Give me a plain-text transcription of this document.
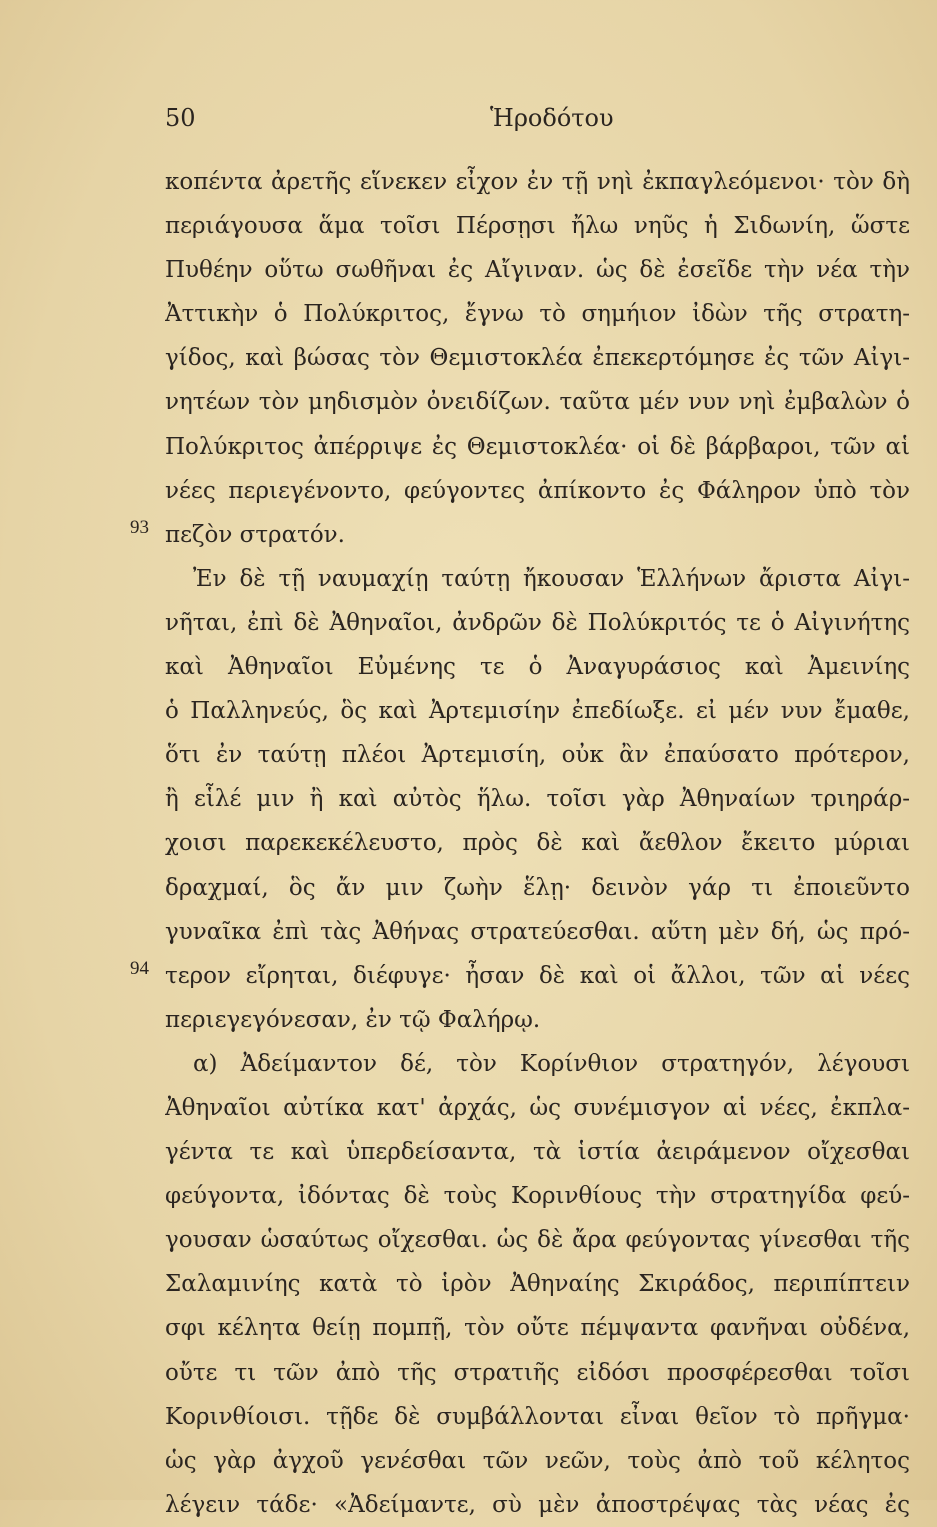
50	Ἡροδότου
93
94
κοπέντα ἀρετῆς εἵνεκεν εἶχον ἐν τῇ νηὶ ἐκπαγλεόμενοι· τὸν δὴ
περιάγουσα ἅμα τοῖσι Πέρσῃσι ἤλω νηῦς ἡ Σιδωνίη, ὥστε
Πυθέην οὕτω σωθῆναι ἐς Αἴγιναν. ὡς δὲ ἐσεῖδε τὴν νέα τὴν
Ἀττικὴν ὁ Πολύκριτος, ἔγνω τὸ σημήιον ἰδὼν τῆς στρατη-
γίδος, καὶ βώσας τὸν Θεμιστοκλέα ἐπεκερτόμησε ἐς τῶν Αἰγι-
νητέων τὸν μηδισμὸν ὀνειδίζων. ταῦτα μέν νυν νηὶ ἐμβαλὼν ὁ
Πολύκριτος ἀπέρριψε ἐς Θεμιστοκλέα· οἱ δὲ βάρβαροι, τῶν αἱ
νέες περιεγένοντο, φεύγοντες ἀπίκοντο ἐς Φάληρον ὑπὸ τὸν
πεζὸν στρατόν.
Ἐν δὲ τῇ ναυμαχίῃ ταύτῃ ἤκουσαν Ἑλλήνων ἄριστα Αἰγι-
νῆται, ἐπὶ δὲ Ἀθηναῖοι, ἀνδρῶν δὲ Πολύκριτός τε ὁ Αἰγινήτης
καὶ Ἀθηναῖοι Εὐμένης τε ὁ Ἀναγυράσιος καὶ Ἀμεινίης
ὁ Παλληνεύς, ὃς καὶ Ἀρτεμισίην ἐπεδίωξε. εἰ μέν νυν ἔμαθε,
ὅτι ἐν ταύτῃ πλέοι Ἀρτεμισίη, οὐκ ἂν ἐπαύσατο πρότερον,
ἢ εἷλέ μιν ἢ καὶ αὐτὸς ἥλω. τοῖσι γὰρ Ἀθηναίων τριηράρ-
χοισι παρεκεκέλευστο, πρὸς δὲ καὶ ἄεθλον ἔκειτο μύριαι
δραχμαί, ὃς ἄν μιν ζωὴν ἕλῃ· δεινὸν γάρ τι ἐποιεῦντο
γυναῖκα ἐπὶ τὰς Ἀθήνας στρατεύεσθαι. αὕτη μὲν δή, ὡς πρό-
τερον εἴρηται, διέφυγε· ἦσαν δὲ καὶ οἱ ἄλλοι, τῶν αἱ νέες
περιεγεγόνεσαν, ἐν τῷ Φαλήρῳ.
α) Ἀδείμαντον δέ, τὸν Κορίνθιον στρατηγόν, λέγουσι
Ἀθηναῖοι αὐτίκα κατ' ἀρχάς, ὡς συνέμισγον αἱ νέες, ἐκπλα-
γέντα τε καὶ ὑπερδείσαντα, τὰ ἱστία ἀειράμενον οἴχεσθαι
φεύγοντα, ἰδόντας δὲ τοὺς Κορινθίους τὴν στρατηγίδα φεύ-
γουσαν ὡσαύτως οἴχεσθαι. ὡς δὲ ἄρα φεύγοντας γίνεσθαι τῆς
Σαλαμινίης κατὰ τὸ ἱρὸν Ἀθηναίης Σκιράδος, περιπίπτειν
σφι κέλητα θείῃ πομπῇ, τὸν οὔτε πέμψαντα φανῆναι οὐδένα,
οὔτε τι τῶν ἀπὸ τῆς στρατιῆς εἰδόσι προσφέρεσθαι τοῖσι
Κορινθίοισι. τῇδε δὲ συμβάλλονται εἶναι θεῖον τὸ πρῆγμα·
ὡς γὰρ ἀγχοῦ γενέσθαι τῶν νεῶν, τοὺς ἀπὸ τοῦ κέλητος
λέγειν τάδε· «Ἀδείμαντε, σὺ μὲν ἀποστρέψας τὰς νέας ἐς
